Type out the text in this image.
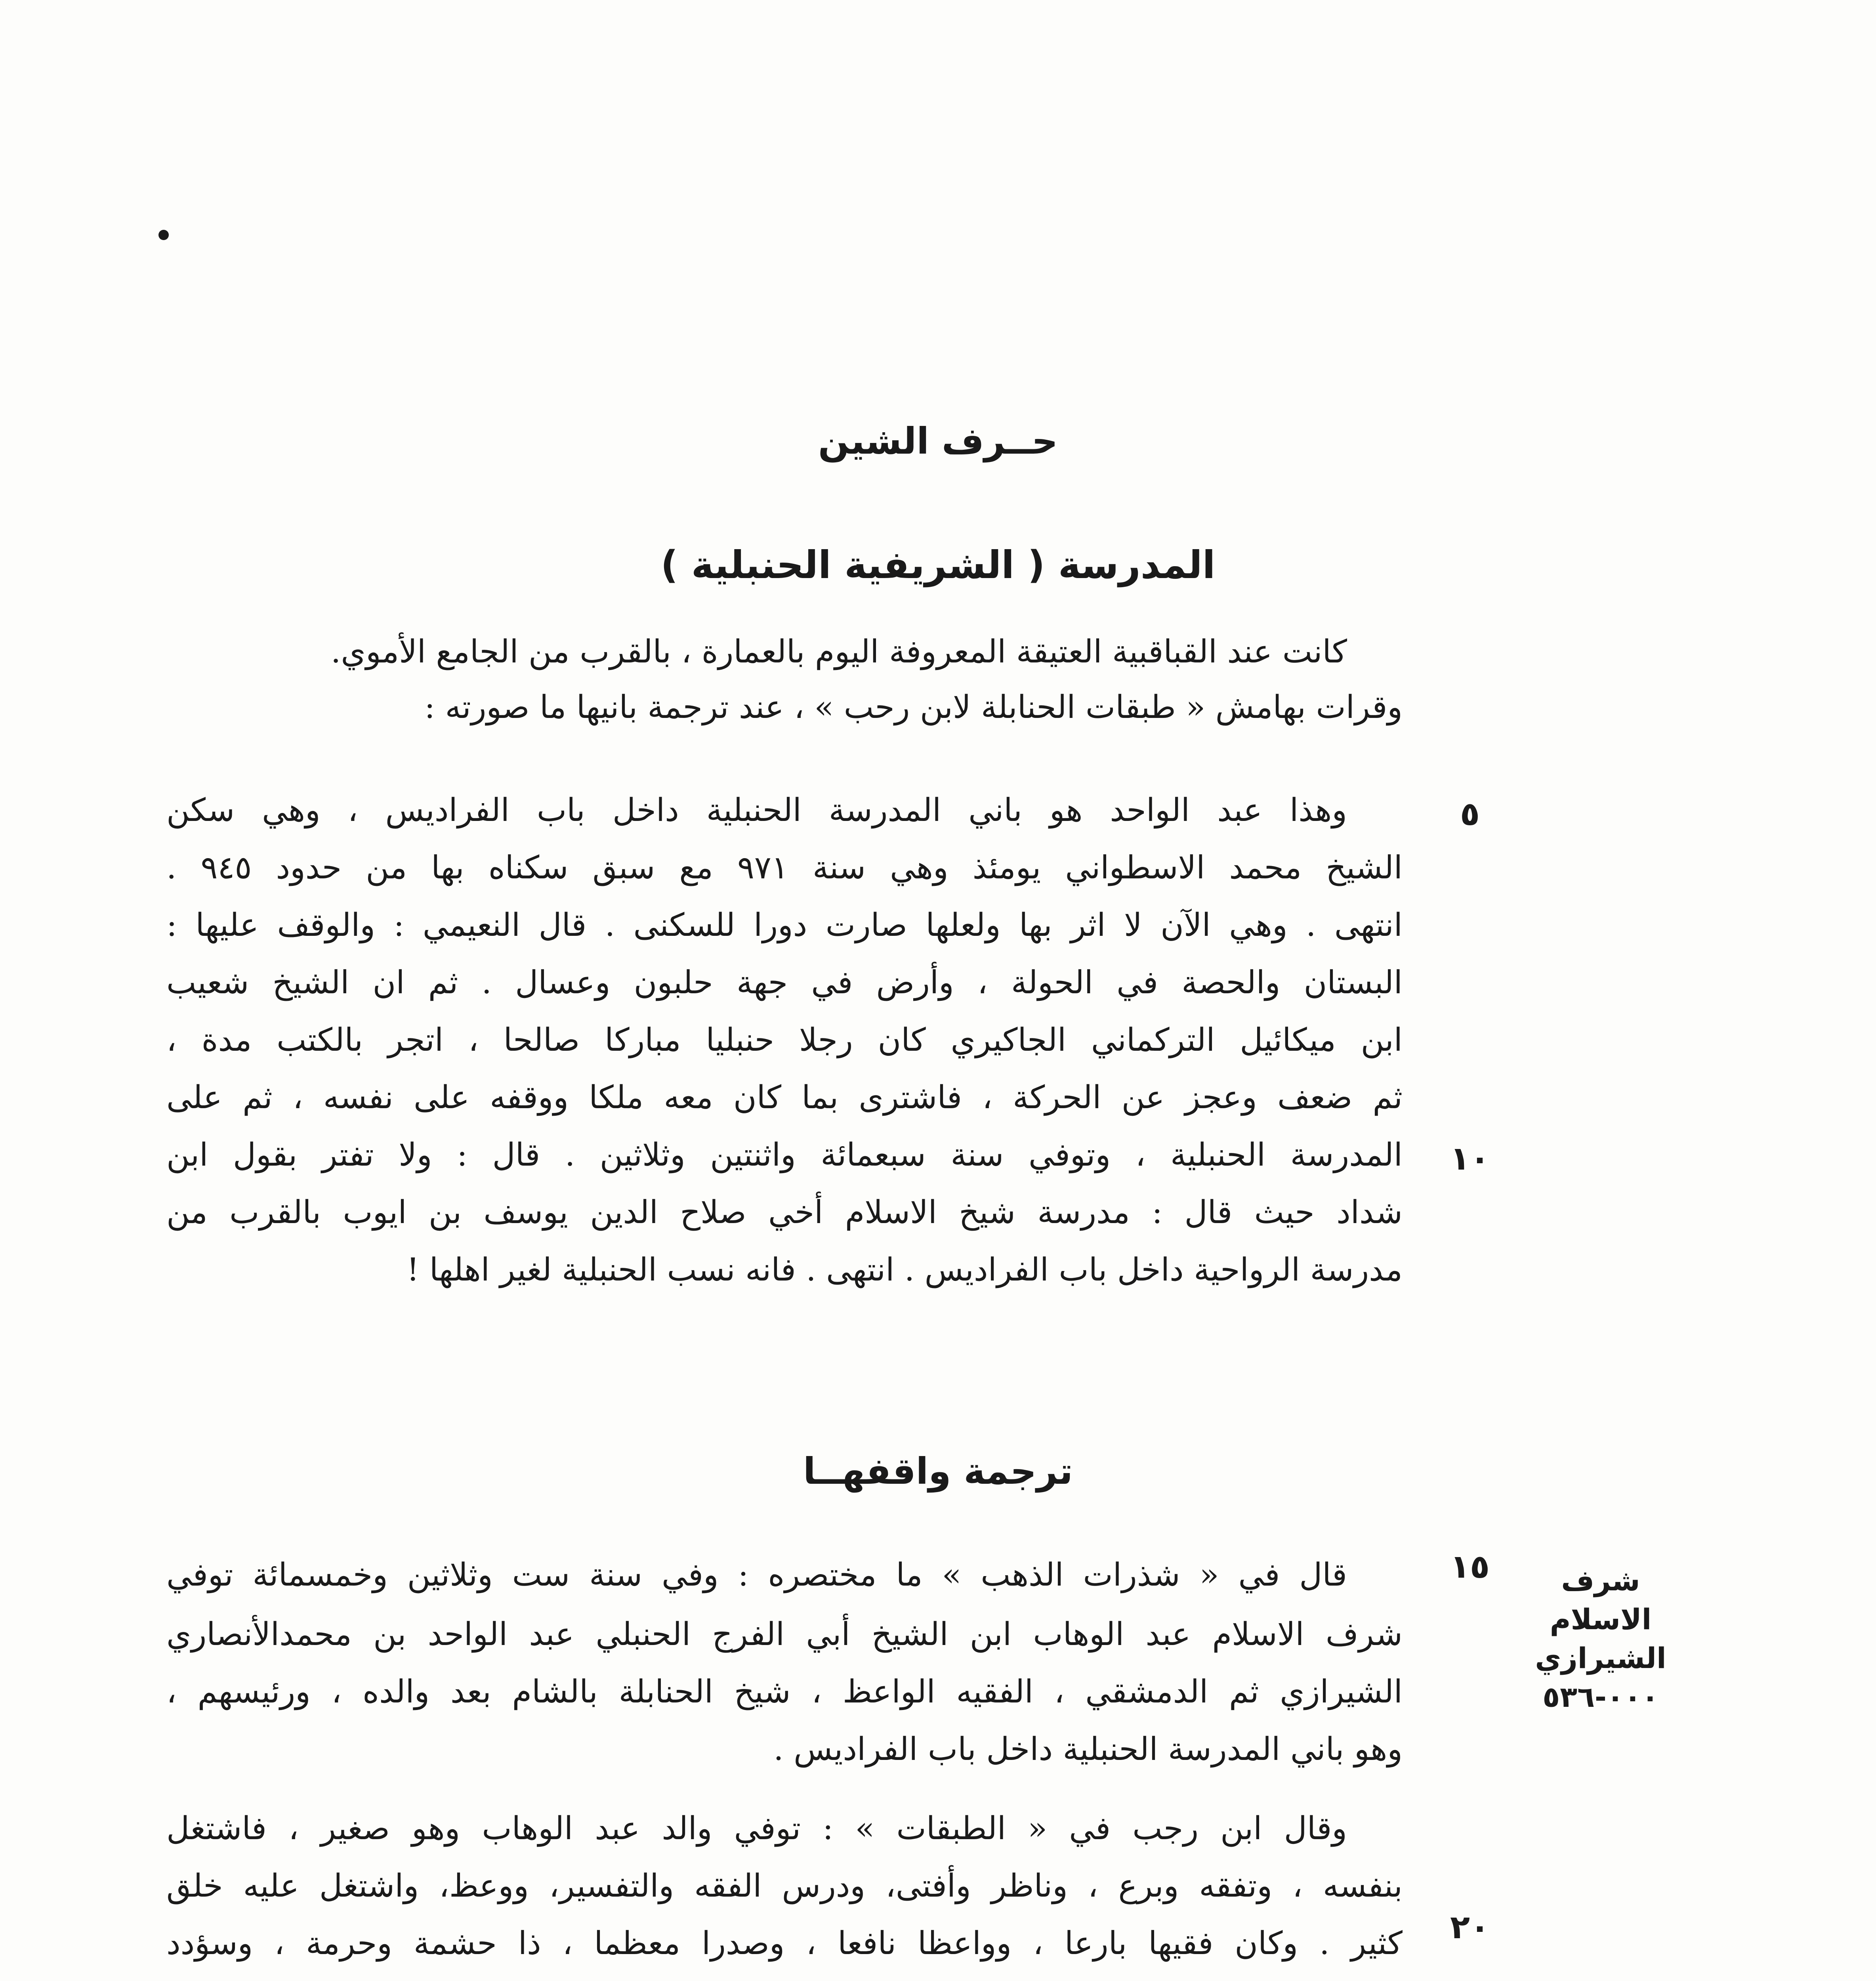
حــرف الشين
المدرسة ( الشريفية الحنبلية )
كانت عند القباقبية العتيقة المعروفة اليوم بالعمارة ، بالقرب من الجامع الأموي.
وقرات بهامش « طبقات الحنابلة لابن رحب » ، عند ترجمة بانيها ما صورته :
وهذا عبد الواحد هو باني المدرسة الحنبلية داخل باب الفراديس ، وهي سكن
الشيخ محمد الاسطواني يومئذ وهي سنة ٩٧١ مع سبق سكناه بها من حدود ٩٤٥ .
انتهى . وهي الآن لا اثر بها ولعلها صارت دورا للسكنى . قال النعيمي : والوقف عليها :
البستان والحصة في الحولة ، وأرض في جهة حلبون وعسال . ثم ان الشيخ شعيب
ابن ميكائيل التركماني الجاكيري كان رجلا حنبليا مباركا صالحا ، اتجر بالكتب مدة ،
ثم ضعف وعجز عن الحركة ، فاشترى بما كان معه ملكا ووقفه على نفسه ، ثم على
المدرسة الحنبلية ، وتوفي سنة سبعمائة واثنتين وثلاثين . قال : ولا تفتر بقول ابن
شداد حيث قال : مدرسة شيخ الاسلام أخي صلاح الدين يوسف بن ايوب بالقرب من
مدرسة الرواحية داخل باب الفراديس . انتهى . فانه نسب الحنبلية لغير اهلها !
ترجمة واقفهــا
قال في « شذرات الذهب » ما مختصره : وفي سنة ست وثلاثين وخمسمائة توفي
شرف الاسلام عبد الوهاب ابن الشيخ أبي الفرج الحنبلي عبد الواحد بن محمدالأنصاري
الشيرازي ثم الدمشقي ، الفقيه الواعظ ، شيخ الحنابلة بالشام بعد والده ، ورئيسهم ،
وهو باني المدرسة الحنبلية داخل باب الفراديس .
وقال ابن رجب في « الطبقات » : توفي والد عبد الوهاب وهو صغير ، فاشتغل
بنفسه ، وتفقه وبرع ، وناظر وأفتى، ودرس الفقه والتفسير، ووعظ، واشتغل عليه خلق
كثير . وكان فقيها بارعا ، وواعظا نافعا ، وصدرا معظما ، ذا حشمة وحرمة ، وسؤدد
٥
١٠
١٥
٢٠
شرف الاسلام
الشيرازي
٠٠٠-٥٣٦
